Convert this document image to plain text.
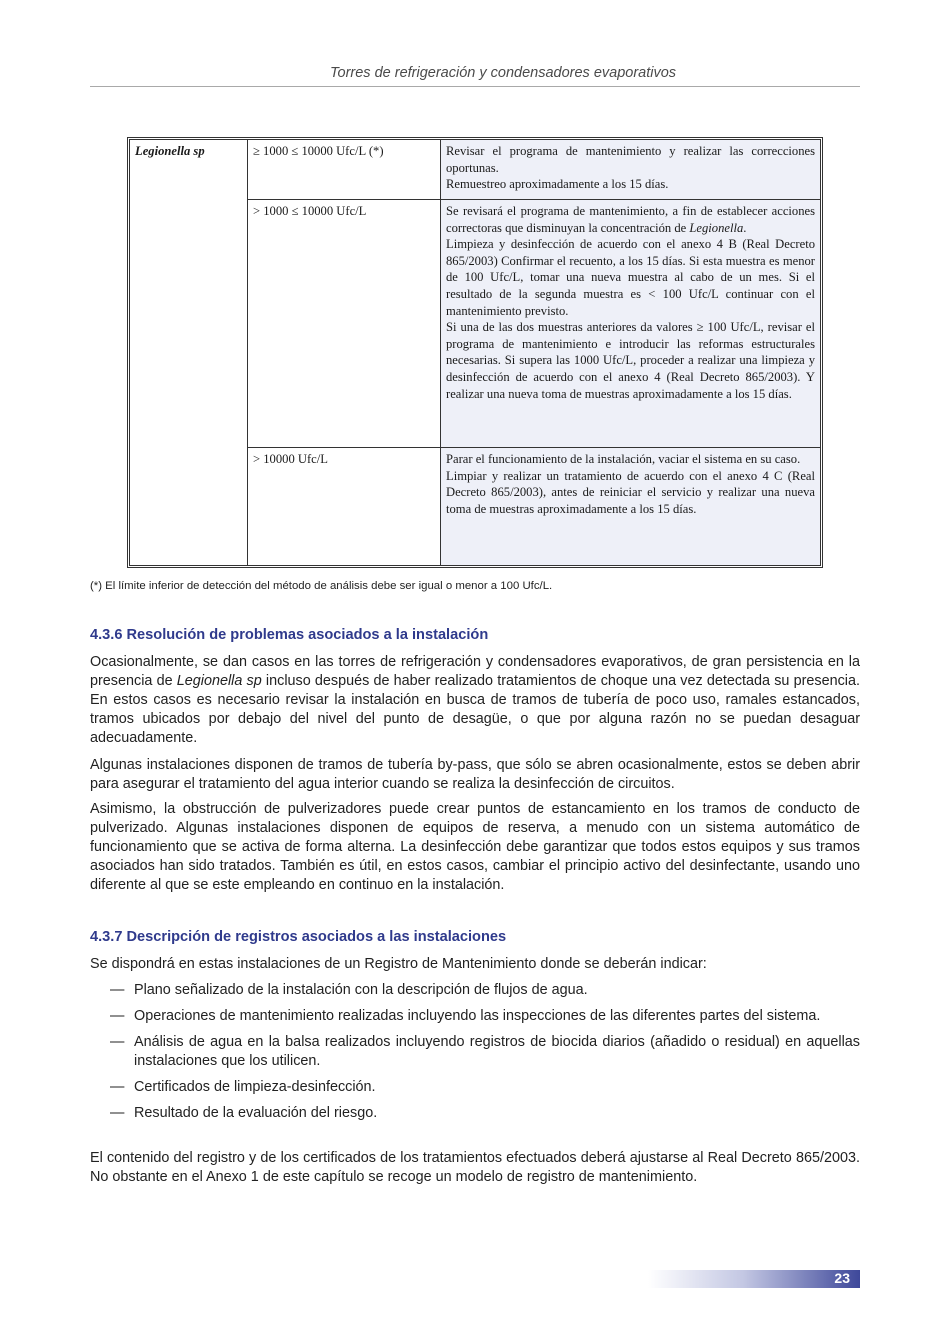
Torres de refrigeración y condensadores evaporativos
Legionella sp	≥ 1000 ≤ 10000 Ufc/L (*)	Revisar el programa de mantenimiento y realizar las correcciones oportunas.

Remuestreo aproximadamente a los 15 días.

	> 1000 ≤ 10000 Ufc/L	Se revisará el programa de mantenimiento, a fin de establecer acciones correctoras que disminuyan la concentración de Legionella.

Limpieza y desinfección de acuerdo con el anexo 4 B (Real Decreto 865/2003) Confirmar el recuento, a los 15 días. Si esta muestra es menor de 100 Ufc/L, tomar una nueva muestra al cabo de un mes. Si el resultado de la segunda muestra es < 100 Ufc/L continuar con el mantenimiento previsto.

Si una de las dos muestras anteriores da valores ≥ 100 Ufc/L, revisar el programa de mantenimiento e introducir las reformas estructurales necesarias. Si supera las 1000 Ufc/L, proceder a realizar una limpieza y desinfección de acuerdo con el anexo 4 (Real Decreto 865/2003). Y realizar una nueva toma de muestras aproximadamente a los 15 días.

	> 10000 Ufc/L	Parar el funcionamiento de la instalación, vaciar el sistema en su caso.

Limpiar y realizar un tratamiento de acuerdo con el anexo 4 C (Real Decreto 865/2003), antes de reiniciar el servicio y realizar una nueva toma de muestras aproximadamente a los 15 días.

(*) El límite inferior de detección del método de análisis debe ser igual o menor a 100 Ufc/L.
4.3.6 Resolución de problemas asociados a la instalación

Ocasionalmente, se dan casos en las torres de refrigeración y condensadores evaporativos, de gran persistencia en la presencia de Legionella sp incluso después de haber realizado tratamientos de choque una vez detectada su presencia. En estos casos es necesario revisar la instalación en busca de tramos de tubería de poco uso, ramales estancados, tramos ubicados por debajo del nivel del punto de desagüe, o que por alguna razón no se puedan desaguar adecuadamente.

Algunas instalaciones disponen de tramos de tubería by-pass, que sólo se abren ocasionalmente, estos se deben abrir para asegurar el tratamiento del agua interior cuando se realiza la desinfección de circuitos.

Asimismo, la obstrucción de pulverizadores puede crear puntos de estancamiento en los tramos de conducto de pulverizado. Algunas instalaciones disponen de equipos de reserva, a menudo con un sistema automático de funcionamiento que se activa de forma alterna. La desinfección debe garantizar que todos estos equipos y sus tramos asociados han sido tratados. También es útil, en estos casos, cambiar el principio activo del desinfectante, usando uno diferente al que se este empleando en continuo en la instalación.

4.3.7 Descripción de registros asociados a las instalaciones

Se dispondrá en estas instalaciones de un Registro de Mantenimiento donde se deberán indicar:

— Plano señalizado de la instalación con la descripción de flujos de agua.
— Operaciones de mantenimiento realizadas incluyendo las inspecciones de las diferentes partes del sistema.
— Análisis de agua en la balsa realizados incluyendo registros de biocida diarios (añadido o residual) en aquellas instalaciones que los utilicen.
— Certificados de limpieza-desinfección.
— Resultado de la evaluación del riesgo.

El contenido del registro y de los certificados de los tratamientos efectuados deberá ajustarse al Real Decreto 865/2003. No obstante en el Anexo 1 de este capítulo se recoge un modelo de registro de mantenimiento.

23
